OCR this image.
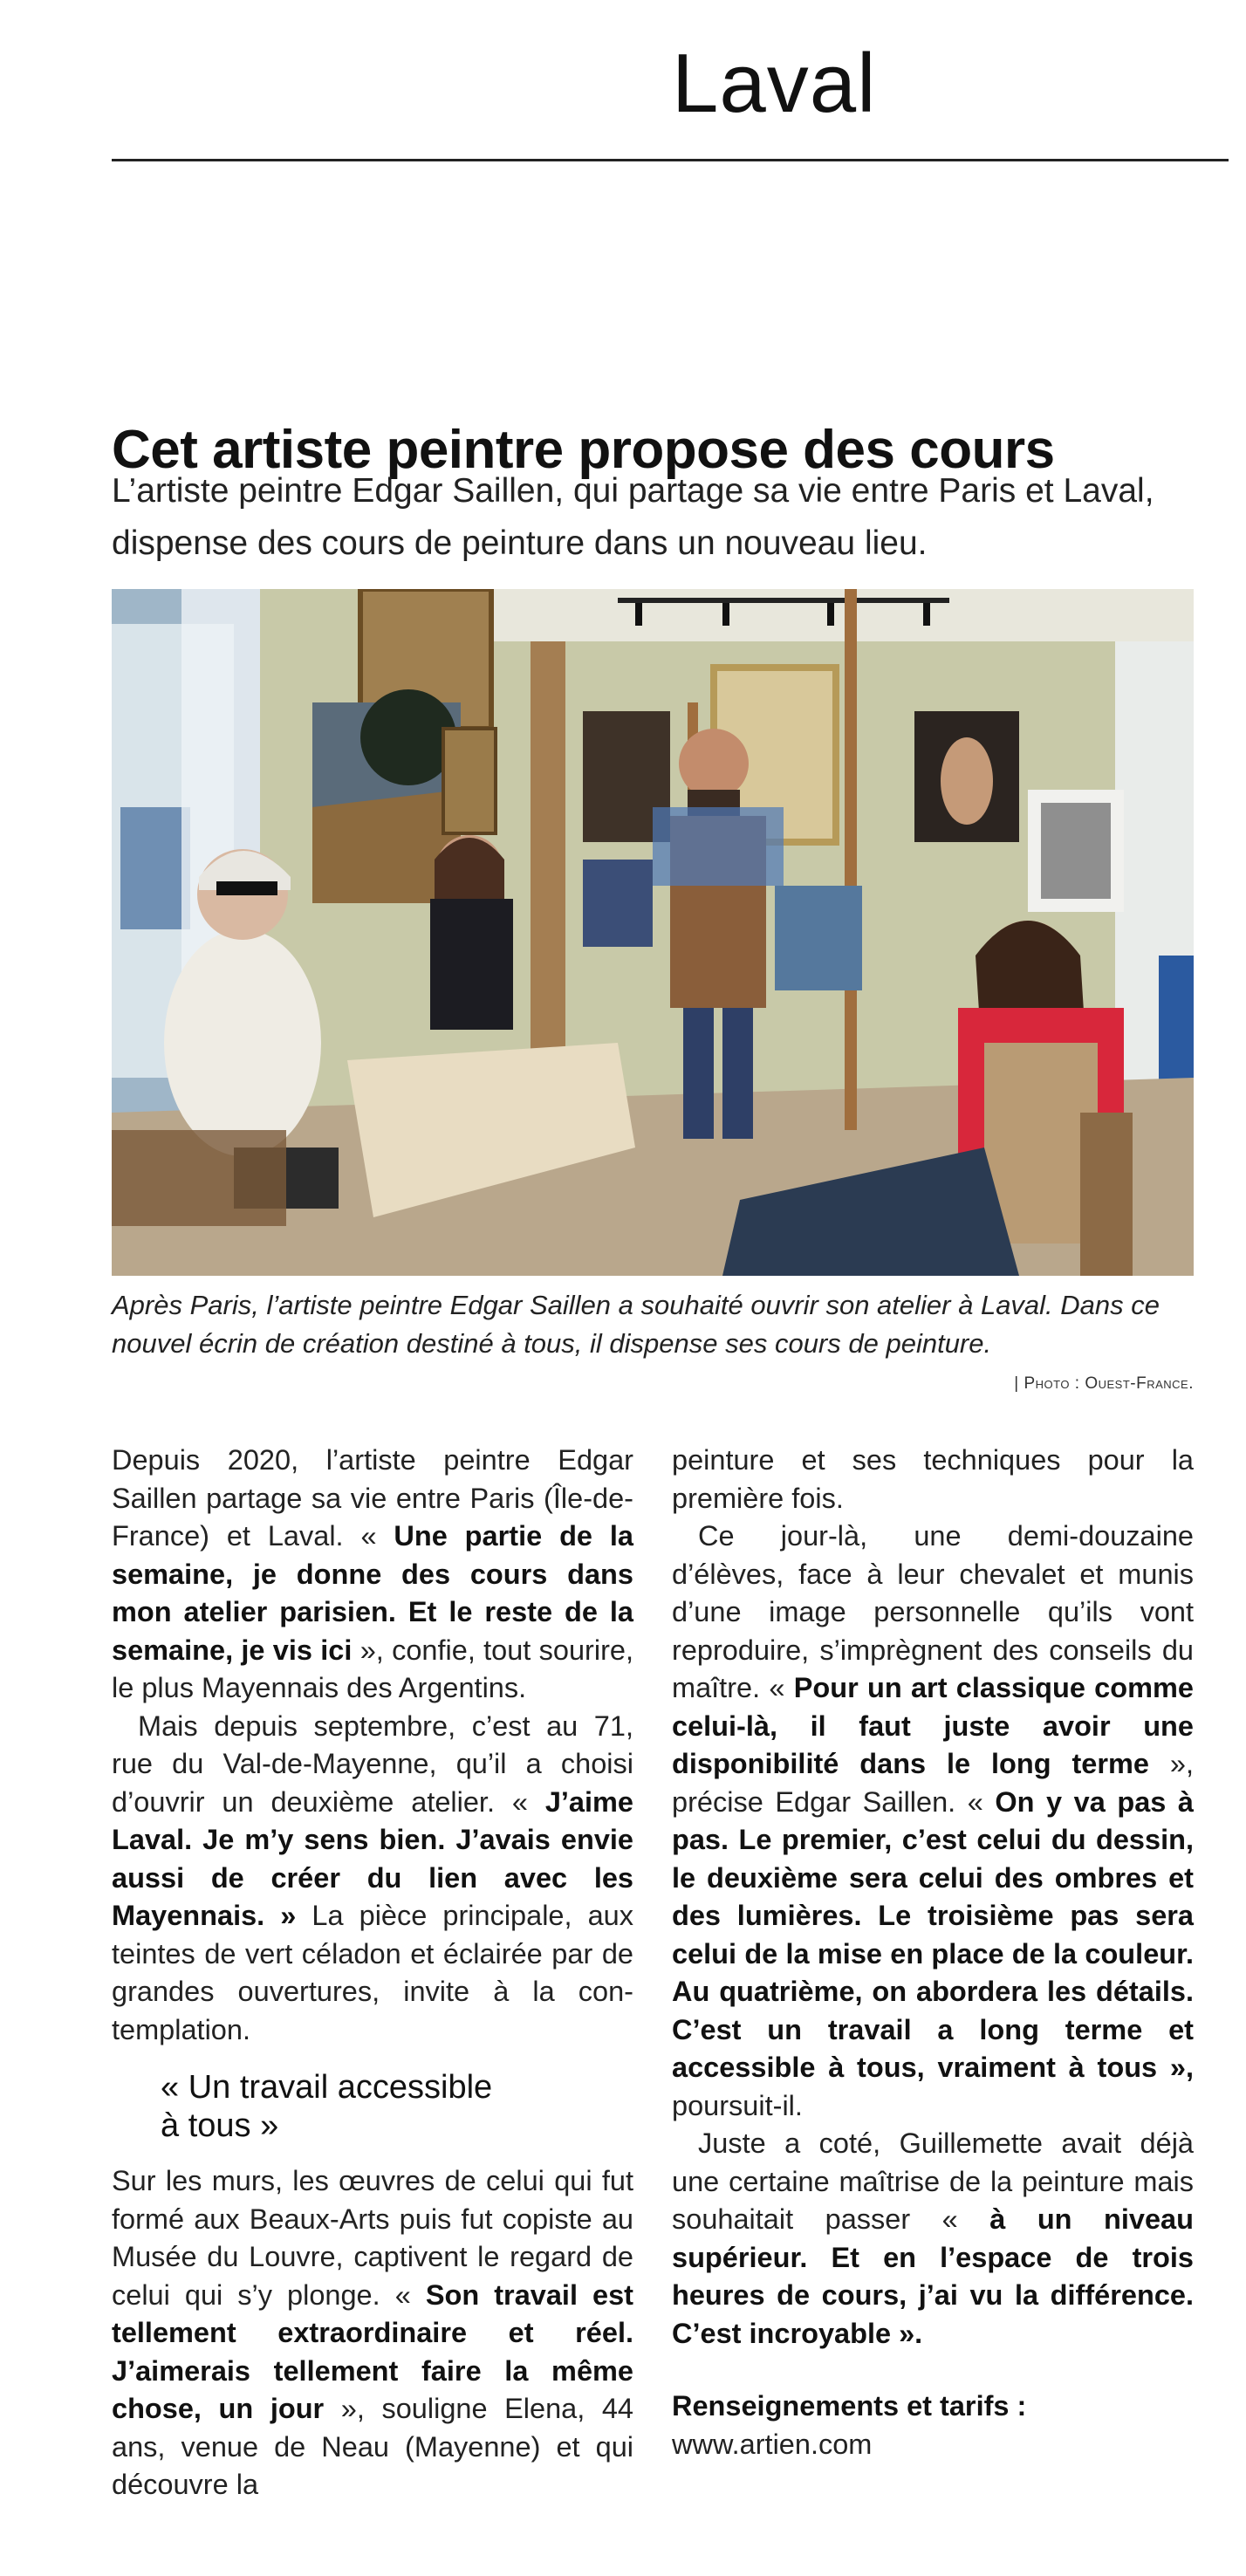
Laval
Cet artiste peintre propose des cours
L’artiste peintre Edgar Saillen, qui partage sa vie entre Paris et Laval, dispense des cours de peinture dans un nouveau lieu.
Après Paris, l’artiste peintre Edgar Saillen a souhaité ouvrir son atelier à Laval. Dans ce nouvel écrin de création destiné à tous, il dispense ses cours de peinture.
| Photo : Ouest-France.

Depuis 2020, l’artiste peintre Edgar Saillen partage sa vie entre Paris (Île-de-France) et Laval. « Une partie de la semaine, je donne des cours dans mon atelier parisien. Et le reste de la semaine, je vis ici », confie, tout sourire, le plus Mayennais des Argentins.

Mais depuis septembre, c’est au 71, rue du Val-de-Mayenne, qu’il a choisi d’ouvrir un deuxième atelier. « J’aime Laval. Je m’y sens bien. J’avais envie aussi de créer du lien avec les Mayennais. » La pièce principale, aux teintes de vert céladon et éclairée par de grandes ouvertures, invite à la contemplation.

« Un travail accessible
à tous »

Sur les murs, les œuvres de celui qui fut formé aux Beaux-Arts puis fut copiste au Musée du Louvre, captivent le regard de celui qui s’y plonge. « Son travail est tellement extraordinaire et réel. J’aimerais tellement faire la même chose, un jour », souligne Elena, 44 ans, venue de Neau (Mayenne) et qui découvre la

peinture et ses techniques pour la première fois.

Ce jour-là, une demi-douzaine d’élèves, face à leur chevalet et munis d’une image personnelle qu’ils vont reproduire, s’imprègnent des conseils du maître. « Pour un art classique comme celui-là, il faut juste avoir une disponibilité dans le long terme », précise Edgar Saillen. « On y va pas à pas. Le premier, c’est celui du dessin, le deuxième sera celui des ombres et des lumières. Le troisième pas sera celui de la mise en place de la couleur. Au quatrième, on abordera les détails. C’est un travail a long terme et accessible à tous, vraiment à tous », poursuit-il.

Juste a coté, Guillemette avait déjà une certaine maîtrise de la peinture mais souhaitait passer « à un niveau supérieur. Et en l’espace de trois heures de cours, j’ai vu la différence. C’est incroyable ».

Renseignements et tarifs :
www.artien.com
